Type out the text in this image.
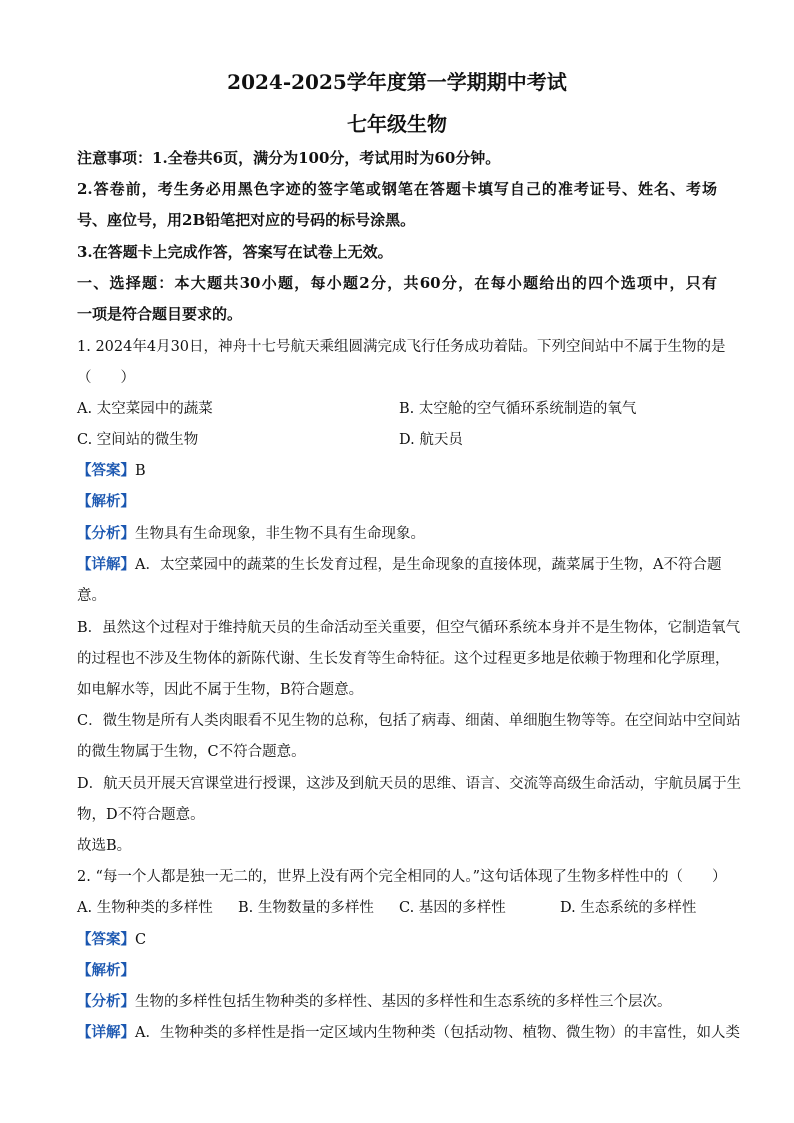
2024-2025学年度第一学期期中考试
七年级生物
注意事项：1.全卷共6页，满分为100分，考试用时为60分钟。
2.答卷前，考生务必用黑色字迹的签字笔或钢笔在答题卡填写自己的准考证号、姓名、考场
号、座位号，用2B铅笔把对应的号码的标号涂黑。
3.在答题卡上完成作答，答案写在试卷上无效。
一、选择题：本大题共30小题，每小题2分，共60分，在每小题给出的四个选项中，只有
一项是符合题目要求的。
1. 2024年4月30日，神舟十七号航天乘组圆满完成飞行任务成功着陆。下列空间站中不属于生物的是
（　　）
A. 太空菜园中的蔬菜	B. 太空舱的空气循环系统制造的氧气
C. 空间站的微生物	D. 航天员
【答案】B
【解析】
【分析】生物具有生命现象，非生物不具有生命现象。
【详解】A．太空菜园中的蔬菜的生长发育过程，是生命现象的直接体现，蔬菜属于生物，A不符合题
意。
B．虽然这个过程对于维持航天员的生命活动至关重要，但空气循环系统本身并不是生物体，它制造氧气
的过程也不涉及生物体的新陈代谢、生长发育等生命特征。这个过程更多地是依赖于物理和化学原理，
如电解水等，因此不属于生物，B符合题意。
C．微生物是所有人类肉眼看不见生物的总称，包括了病毒、细菌、单细胞生物等等。在空间站中空间站
的微生物属于生物，C不符合题意。
D．航天员开展天宫课堂进行授课，这涉及到航天员的思维、语言、交流等高级生命活动，宇航员属于生
物，D不符合题意。
故选B。
2. “每一个人都是独一无二的，世界上没有两个完全相同的人。”这句话体现了生物多样性中的（　　）
A. 生物种类的多样性 B. 生物数量的多样性 C. 基因的多样性	D. 生态系统的多样性
【答案】C
【解析】
【分析】生物的多样性包括生物种类的多样性、基因的多样性和生态系统的多样性三个层次。
【详解】A．生物种类的多样性是指一定区域内生物种类（包括动物、植物、微生物）的丰富性，如人类
